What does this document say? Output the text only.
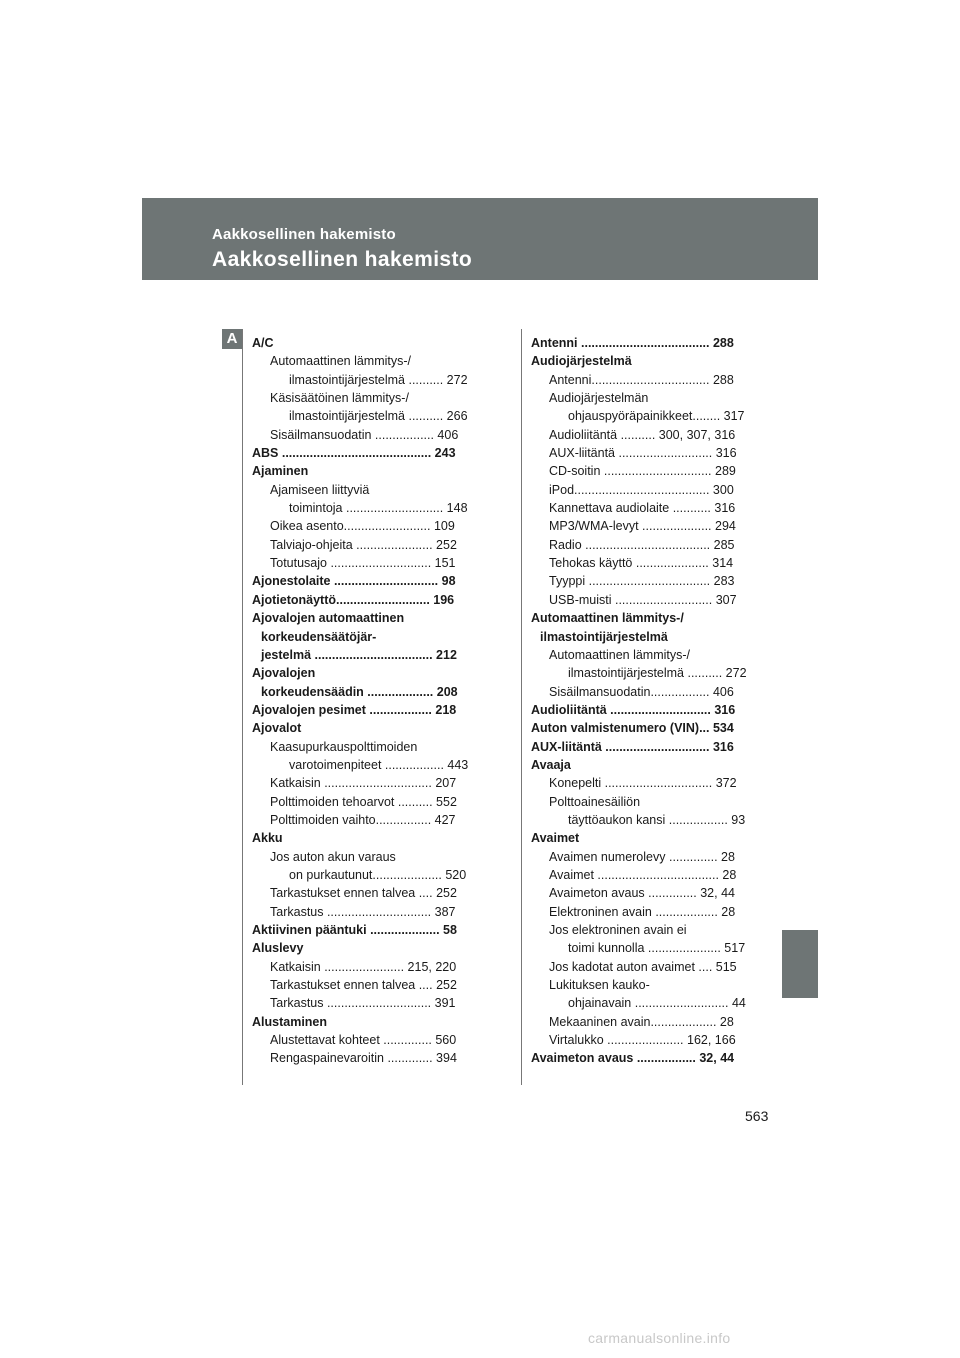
Aakkosellinen hakemisto
Aakkosellinen hakemisto
A	A/C
Automaattinen lämmitys-/
ilmastointijärjestelmä .......... 272
Käsisäätöinen lämmitys-/
ilmastointijärjestelmä .......... 266
Sisäilmansuodatin ................. 406
ABS ........................................... 243
Ajaminen
Ajamiseen liittyviä
toimintoja ............................ 148
Oikea asento......................... 109
Talviajo-ohjeita ...................... 252
Totutusajo ............................. 151
Ajonestolaite .............................. 98
Ajotietonäyttö........................... 196
Ajovalojen automaattinen
korkeudensäätöjär-
jestelmä .................................. 212
Ajovalojen
korkeudensäädin ................... 208
Ajovalojen pesimet .................. 218
Ajovalot
Kaasupurkauspolttimoiden
varotoimenpiteet ................. 443
Katkaisin ............................... 207
Polttimoiden tehoarvot .......... 552
Polttimoiden vaihto................ 427
Akku
Jos auton akun varaus
on purkautunut.................... 520
Tarkastukset ennen talvea .... 252
Tarkastus .............................. 387
Aktiivinen pääntuki .................... 58
Aluslevy
Katkaisin ....................... 215, 220
Tarkastukset ennen talvea .... 252
Tarkastus .............................. 391
Alustaminen
Alustettavat kohteet .............. 560
Rengaspainevaroitin ............. 394
Antenni ..................................... 288
Audiojärjestelmä
Antenni.................................. 288
Audiojärjestelmän
ohjauspyöräpainikkeet........ 317
Audioliitäntä .......... 300, 307, 316
AUX-liitäntä ........................... 316
CD-soitin ............................... 289
iPod....................................... 300
Kannettava audiolaite ........... 316
MP3/WMA-levyt .................... 294
Radio .................................... 285
Tehokas käyttö ..................... 314
Tyyppi ................................... 283
USB-muisti ............................ 307
Automaattinen lämmitys-/
ilmastointijärjestelmä
Automaattinen lämmitys-/
ilmastointijärjestelmä .......... 272
Sisäilmansuodatin................. 406
Audioliitäntä ............................. 316
Auton valmistenumero (VIN)... 534
AUX-liitäntä .............................. 316
Avaaja
Konepelti ............................... 372
Polttoainesäiliön
täyttöaukon kansi ................. 93
Avaimet
Avaimen numerolevy .............. 28
Avaimet ................................... 28
Avaimeton avaus .............. 32, 44
Elektroninen avain .................. 28
Jos elektroninen avain ei
toimi kunnolla ..................... 517
Jos kadotat auton avaimet .... 515
Lukituksen kauko-
ohjainavain ........................... 44
Mekaaninen avain................... 28
Virtalukko ...................... 162, 166
Avaimeton avaus ................. 32, 44
563
carmanualsonline.info
